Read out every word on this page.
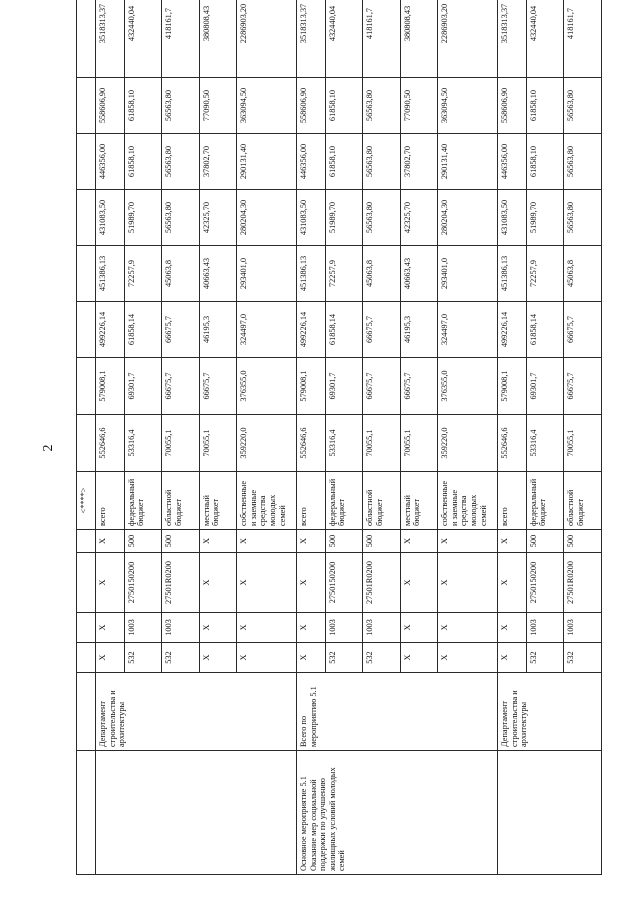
2
						<****>								
	Департамент строительства и архитектуры	X	X	X	X	всего	552646,6	579008,1	499226,14	451386,13	431083,50	446356,00	558606,90	3518313,37
		532	1003	2750150200	500	федеральный бюджет	53316,4	69301,7	61858,14	72257,9	51989,70	61858,10	61858,10	432440,04
		532	1003	27501R0200	500	областной бюджет	70055,1	66675,7	66675,7	45063,8	56563,80	56563,80	56563,80	418161,7
		X	X	X	X	местный бюджет	70055,1	66675,7	46195,3	40663,43	42325,70	37802,70	77090,50	380808,43
		X	X	X	X	собственные и заемные средства молодых семей	359220,0	376355,0	324497,0	293401,0	280204,30	290131,40	363094,50	2286903,20
Основное мероприятие 5.1 Оказание мер социальной поддержки по улучшению жилищных условий молодых семей	Всего по мероприятию 5.1	X	X	X	X	всего	552646,6	579008,1	499226,14	451386,13	431083,50	446356,00	558606,90	3518313,37
		532	1003	2750150200	500	федеральный бюджет	53316,4	69301,7	61858,14	72257,9	51989,70	61858,10	61858,10	432440,04
		532	1003	27501R0200	500	областной бюджет	70055,1	66675,7	66675,7	45063,8	56563,80	56563,80	56563,80	418161,7
		X	X	X	X	местный бюджет	70055,1	66675,7	46195,3	40663,43	42325,70	37802,70	77090,50	380808,43
		X	X	X	X	собственные и заемные средства молодых семей	359220,0	376355,0	324497,0	293401,0	280204,30	290131,40	363094,50	2286903,20
	Департамент строительства и архитектуры	X	X	X	X	всего	552646,6	579008,1	499226,14	451386,13	431083,50	446356,00	558606,90	3518313,37
		532	1003	2750150200	500	федеральный бюджет	53316,4	69301,7	61858,14	72257,9	51989,70	61858,10	61858,10	432440,04
		532	1003	27501R0200	500	областной бюджет	70055,1	66675,7	66675,7	45063,8	56563,80	56563,80	56563,80	418161,7
